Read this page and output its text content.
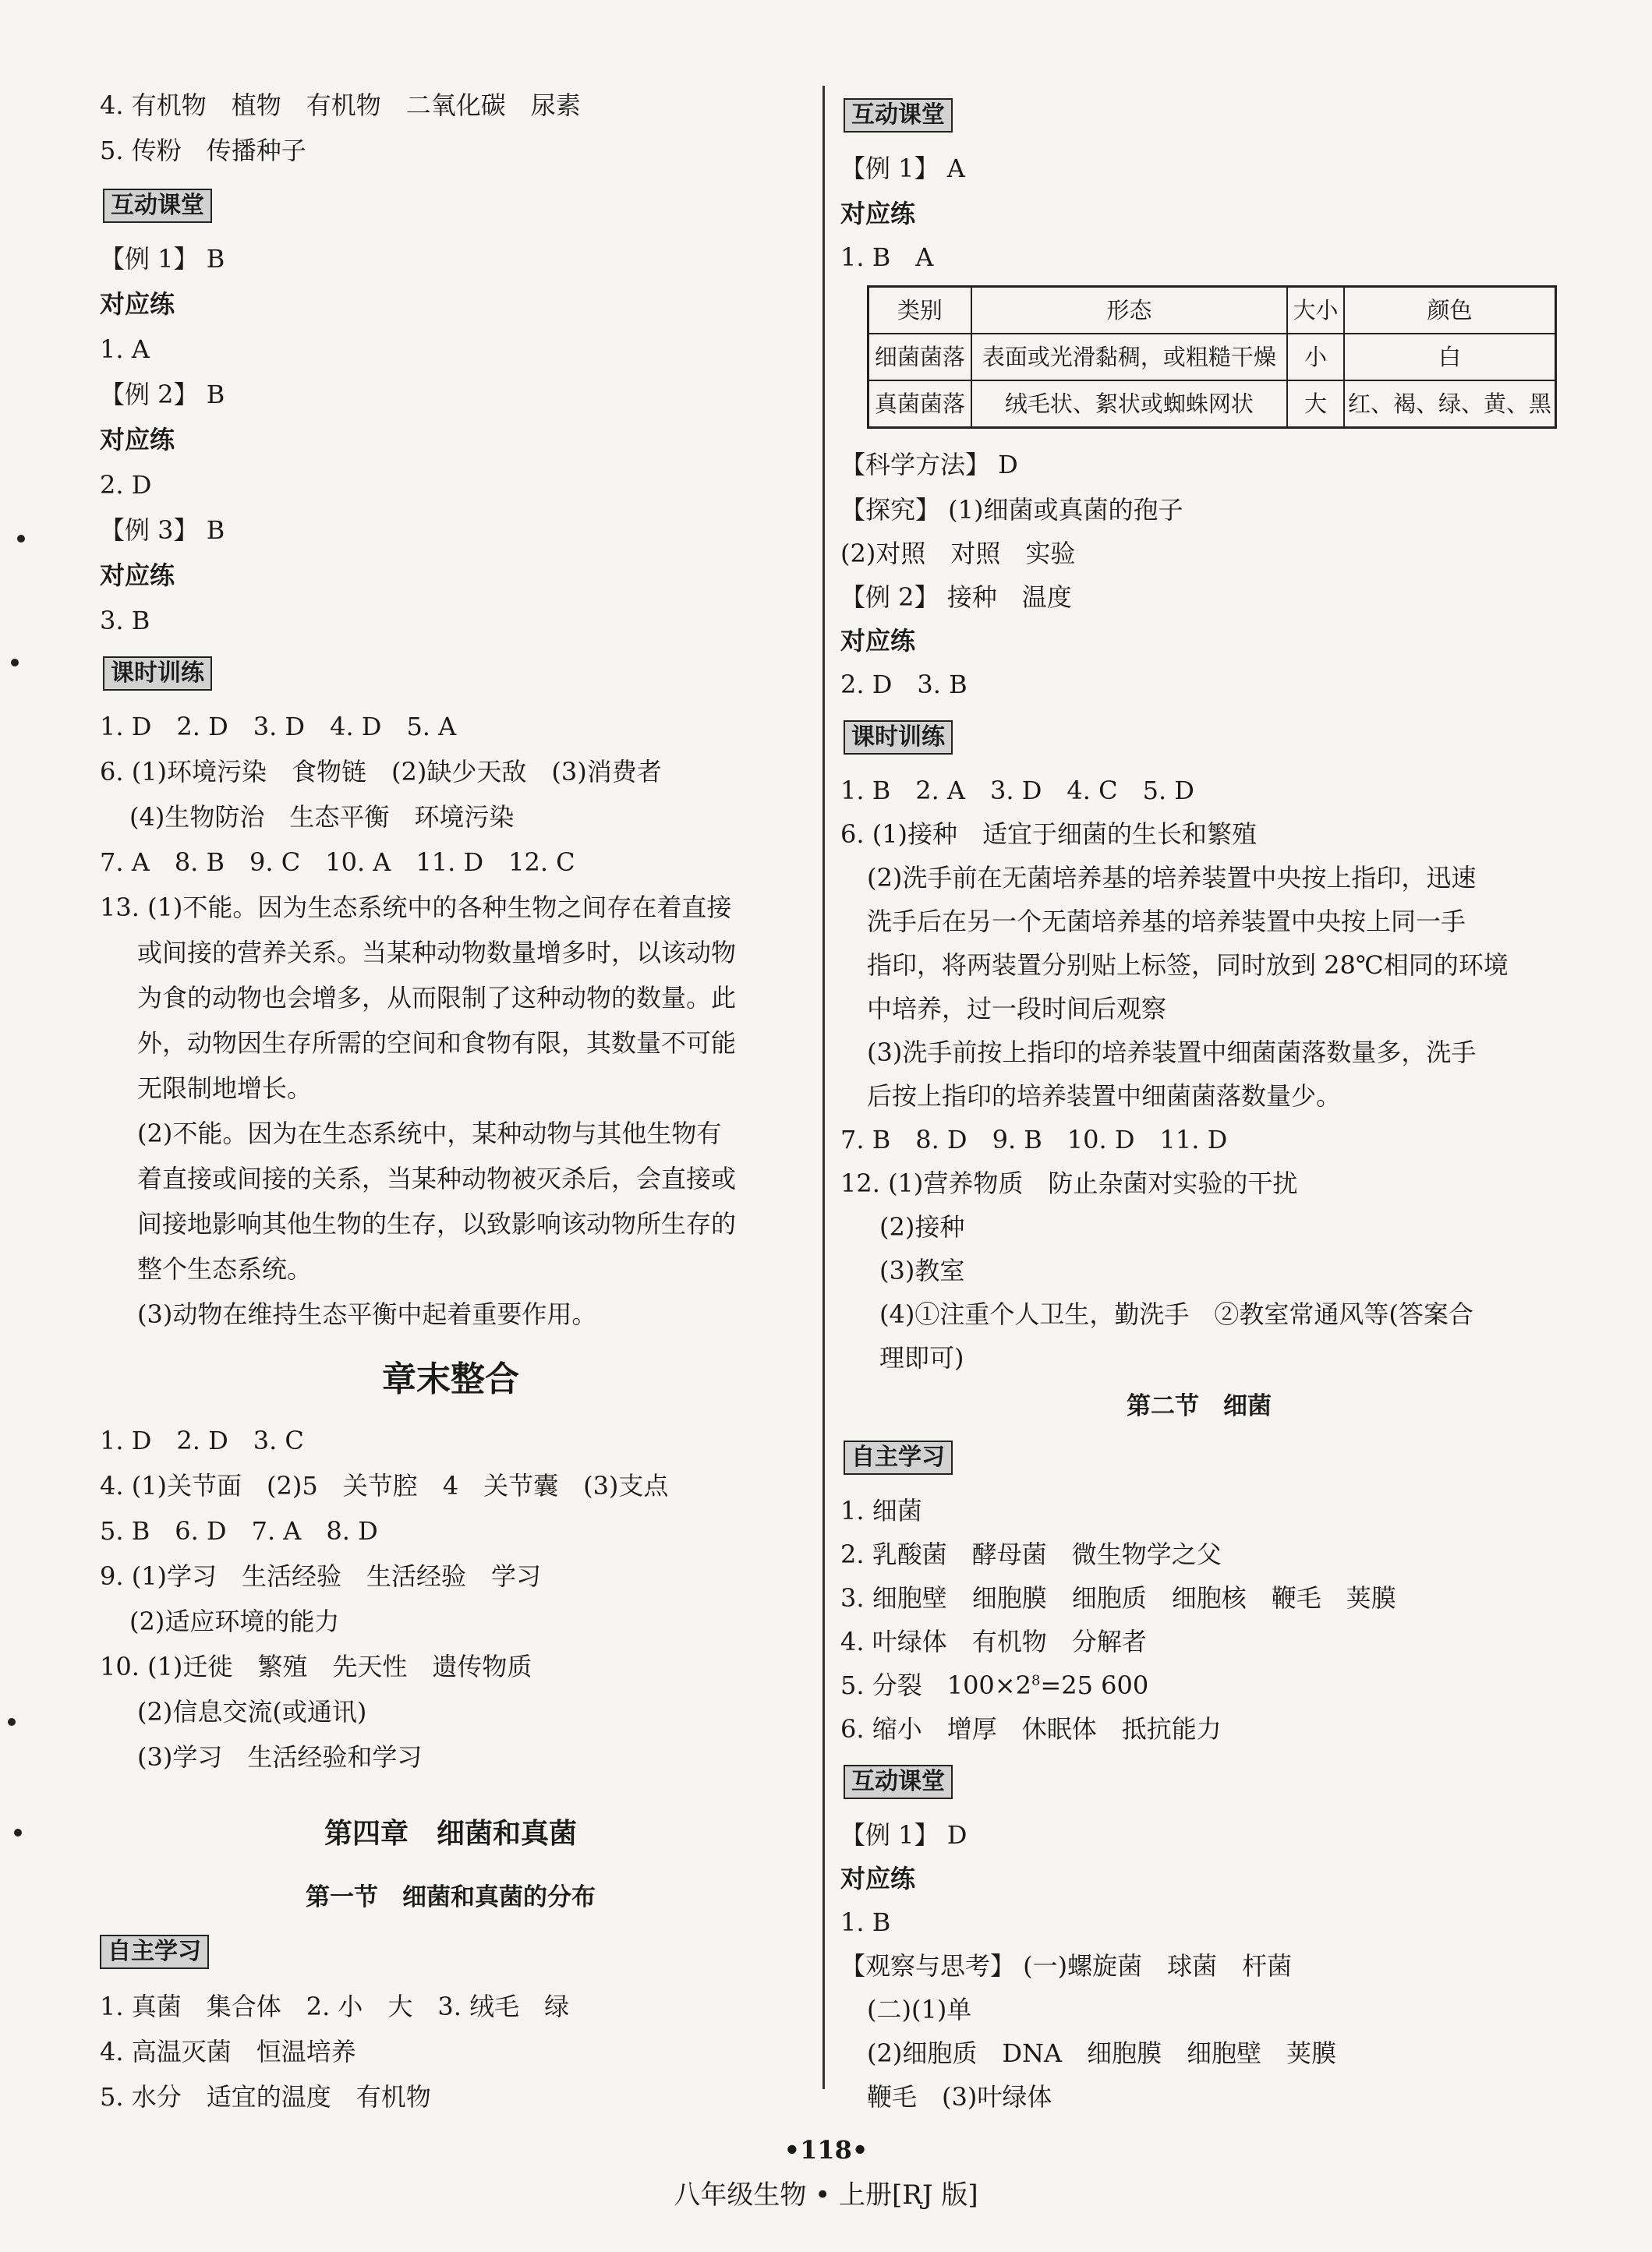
4. 有机物　植物　有机物　二氧化碳　尿素
5. 传粉　传播种子
互动课堂
【例 1】 B
对应练
1. A
【例 2】 B
对应练
2. D
【例 3】 B
对应练
3. B
课时训练
1. D　2. D　3. D　4. D　5. A
6. (1)环境污染　食物链　(2)缺少天敌　(3)消费者
(4)生物防治　生态平衡　环境污染
7. A　8. B　9. C　10. A　11. D　12. C
13. (1)不能。因为生态系统中的各种生物之间存在着直接
或间接的营养关系。当某种动物数量增多时，以该动物
为食的动物也会增多，从而限制了这种动物的数量。此
外，动物因生存所需的空间和食物有限，其数量不可能
无限制地增长。
(2)不能。因为在生态系统中，某种动物与其他生物有
着直接或间接的关系，当某种动物被灭杀后，会直接或
间接地影响其他生物的生存，以致影响该动物所生存的
整个生态系统。
(3)动物在维持生态平衡中起着重要作用。
章末整合
1. D　2. D　3. C
4. (1)关节面　(2)5　关节腔　4　关节囊　(3)支点
5. B　6. D　7. A　8. D
9. (1)学习　生活经验　生活经验　学习
(2)适应环境的能力
10. (1)迁徙　繁殖　先天性　遗传物质
(2)信息交流(或通讯)
(3)学习　生活经验和学习
第四章　细菌和真菌
第一节　细菌和真菌的分布
自主学习
1. 真菌　集合体　2. 小　大　3. 绒毛　绿
4. 高温灭菌　恒温培养
5. 水分　适宜的温度　有机物
互动课堂
【例 1】 A
对应练
1. B　A
类别	形态	大小	颜色
细菌菌落	表面或光滑黏稠，或粗糙干燥	小	白
真菌菌落	绒毛状、絮状或蜘蛛网状	大	红、褐、绿、黄、黑
【科学方法】 D
【探究】 (1)细菌或真菌的孢子
(2)对照　对照　实验
【例 2】 接种　温度
对应练
2. D　3. B
课时训练
1. B　2. A　3. D　4. C　5. D
6. (1)接种　适宜于细菌的生长和繁殖
(2)洗手前在无菌培养基的培养装置中央按上指印，迅速
洗手后在另一个无菌培养基的培养装置中央按上同一手
指印，将两装置分别贴上标签，同时放到 28℃相同的环境
中培养，过一段时间后观察
(3)洗手前按上指印的培养装置中细菌菌落数量多，洗手
后按上指印的培养装置中细菌菌落数量少。
7. B　8. D　9. B　10. D　11. D
12. (1)营养物质　防止杂菌对实验的干扰
(2)接种
(3)教室
(4)①注重个人卫生，勤洗手　②教室常通风等(答案合
理即可)
第二节　细菌
自主学习
1. 细菌
2. 乳酸菌　酵母菌　微生物学之父
3. 细胞壁　细胞膜　细胞质　细胞核　鞭毛　荚膜
4. 叶绿体　有机物　分解者
5. 分裂　$100\times 2^8=25$ 600
6. 缩小　增厚　休眠体　抵抗能力
互动课堂
【例 1】 D
对应练
1. B
【观察与思考】 (一)螺旋菌　球菌　杆菌
(二)(1)单
(2)细胞质　DNA　细胞膜　细胞壁　荚膜
鞭毛　(3)叶绿体
•118•
八年级生物 • 上册[RJ 版]
